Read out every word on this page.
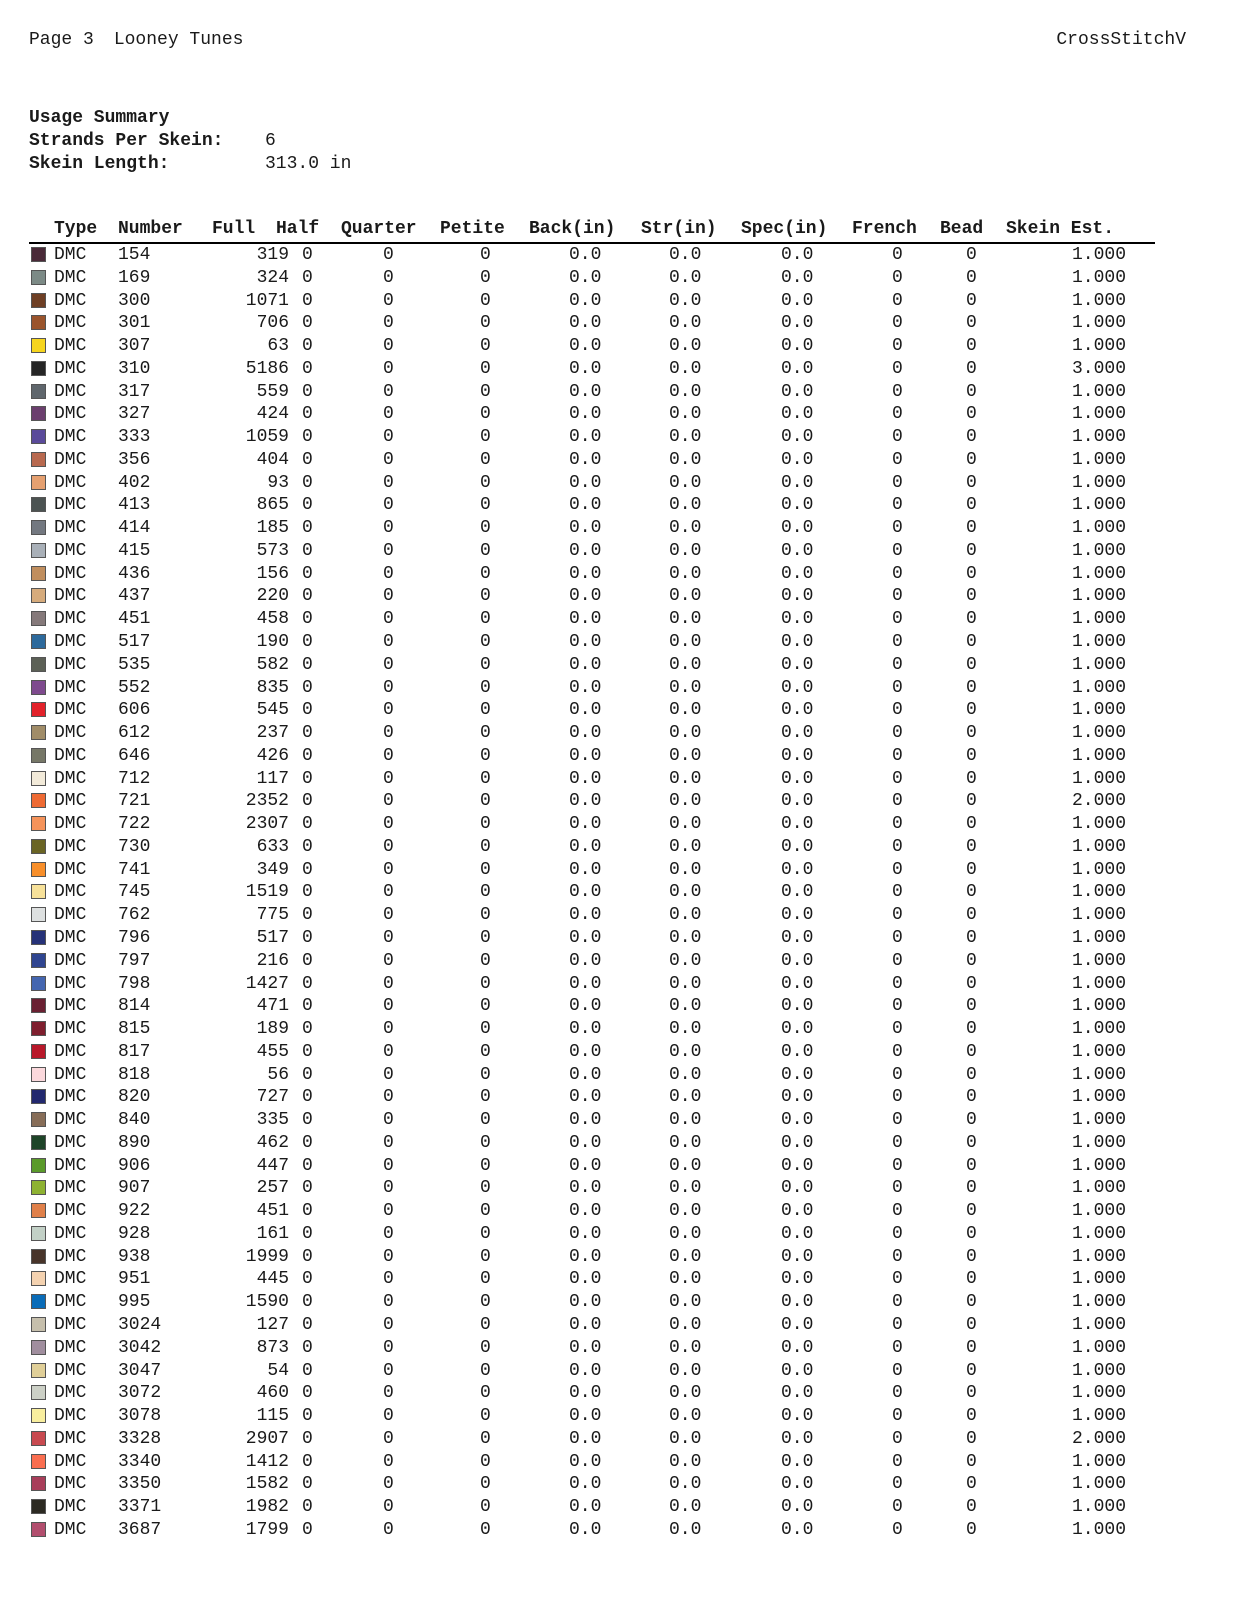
Page 3 Looney Tunes	CrossStitchV
Usage Summary
Strands Per Skein:	6
Skein Length:	313.0 in
Type Number Full Half Quarter Petite Back(in) Str(in) Spec(in) French Bead Skein Est.
DMC 154	319 0	0	0	0.0	0.0	0.0	0	0	1.000
DMC 169	324 0	0	0	0.0	0.0	0.0	0	0	1.000
DMC 300	1071 0	0	0	0.0	0.0	0.0	0	0	1.000
DMC 301	706 0	0	0	0.0	0.0	0.0	0	0	1.000
DMC 307	63 0	0	0	0.0	0.0	0.0	0	0	1.000
DMC 310	5186 0	0	0	0.0	0.0	0.0	0	0	3.000
DMC 317	559 0	0	0	0.0	0.0	0.0	0	0	1.000
DMC 327	424 0	0	0	0.0	0.0	0.0	0	0	1.000
DMC 333	1059 0	0	0	0.0	0.0	0.0	0	0	1.000
DMC 356	404 0	0	0	0.0	0.0	0.0	0	0	1.000
DMC 402	93 0	0	0	0.0	0.0	0.0	0	0	1.000
DMC 413	865 0	0	0	0.0	0.0	0.0	0	0	1.000
DMC 414	185 0	0	0	0.0	0.0	0.0	0	0	1.000
DMC 415	573 0	0	0	0.0	0.0	0.0	0	0	1.000
DMC 436	156 0	0	0	0.0	0.0	0.0	0	0	1.000
DMC 437	220 0	0	0	0.0	0.0	0.0	0	0	1.000
DMC 451	458 0	0	0	0.0	0.0	0.0	0	0	1.000
DMC 517	190 0	0	0	0.0	0.0	0.0	0	0	1.000
DMC 535	582 0	0	0	0.0	0.0	0.0	0	0	1.000
DMC 552	835 0	0	0	0.0	0.0	0.0	0	0	1.000
DMC 606	545 0	0	0	0.0	0.0	0.0	0	0	1.000
DMC 612	237 0	0	0	0.0	0.0	0.0	0	0	1.000
DMC 646	426 0	0	0	0.0	0.0	0.0	0	0	1.000
DMC 712	117 0	0	0	0.0	0.0	0.0	0	0	1.000
DMC 721	2352 0	0	0	0.0	0.0	0.0	0	0	2.000
DMC 722	2307 0	0	0	0.0	0.0	0.0	0	0	1.000
DMC 730	633 0	0	0	0.0	0.0	0.0	0	0	1.000
DMC 741	349 0	0	0	0.0	0.0	0.0	0	0	1.000
DMC 745	1519 0	0	0	0.0	0.0	0.0	0	0	1.000
DMC 762	775 0	0	0	0.0	0.0	0.0	0	0	1.000
DMC 796	517 0	0	0	0.0	0.0	0.0	0	0	1.000
DMC 797	216 0	0	0	0.0	0.0	0.0	0	0	1.000
DMC 798	1427 0	0	0	0.0	0.0	0.0	0	0	1.000
DMC 814	471 0	0	0	0.0	0.0	0.0	0	0	1.000
DMC 815	189 0	0	0	0.0	0.0	0.0	0	0	1.000
DMC 817	455 0	0	0	0.0	0.0	0.0	0	0	1.000
DMC 818	56 0	0	0	0.0	0.0	0.0	0	0	1.000
DMC 820	727 0	0	0	0.0	0.0	0.0	0	0	1.000
DMC 840	335 0	0	0	0.0	0.0	0.0	0	0	1.000
DMC 890	462 0	0	0	0.0	0.0	0.0	0	0	1.000
DMC 906	447 0	0	0	0.0	0.0	0.0	0	0	1.000
DMC 907	257 0	0	0	0.0	0.0	0.0	0	0	1.000
DMC 922	451 0	0	0	0.0	0.0	0.0	0	0	1.000
DMC 928	161 0	0	0	0.0	0.0	0.0	0	0	1.000
DMC 938	1999 0	0	0	0.0	0.0	0.0	0	0	1.000
DMC 951	445 0	0	0	0.0	0.0	0.0	0	0	1.000
DMC 995	1590 0	0	0	0.0	0.0	0.0	0	0	1.000
DMC 3024	127 0	0	0	0.0	0.0	0.0	0	0	1.000
DMC 3042	873 0	0	0	0.0	0.0	0.0	0	0	1.000
DMC 3047	54 0	0	0	0.0	0.0	0.0	0	0	1.000
DMC 3072	460 0	0	0	0.0	0.0	0.0	0	0	1.000
DMC 3078	115 0	0	0	0.0	0.0	0.0	0	0	1.000
DMC 3328	2907 0	0	0	0.0	0.0	0.0	0	0	2.000
DMC 3340	1412 0	0	0	0.0	0.0	0.0	0	0	1.000
DMC 3350	1582 0	0	0	0.0	0.0	0.0	0	0	1.000
DMC 3371	1982 0	0	0	0.0	0.0	0.0	0	0	1.000
DMC 3687	1799 0	0	0	0.0	0.0	0.0	0	0	1.000
